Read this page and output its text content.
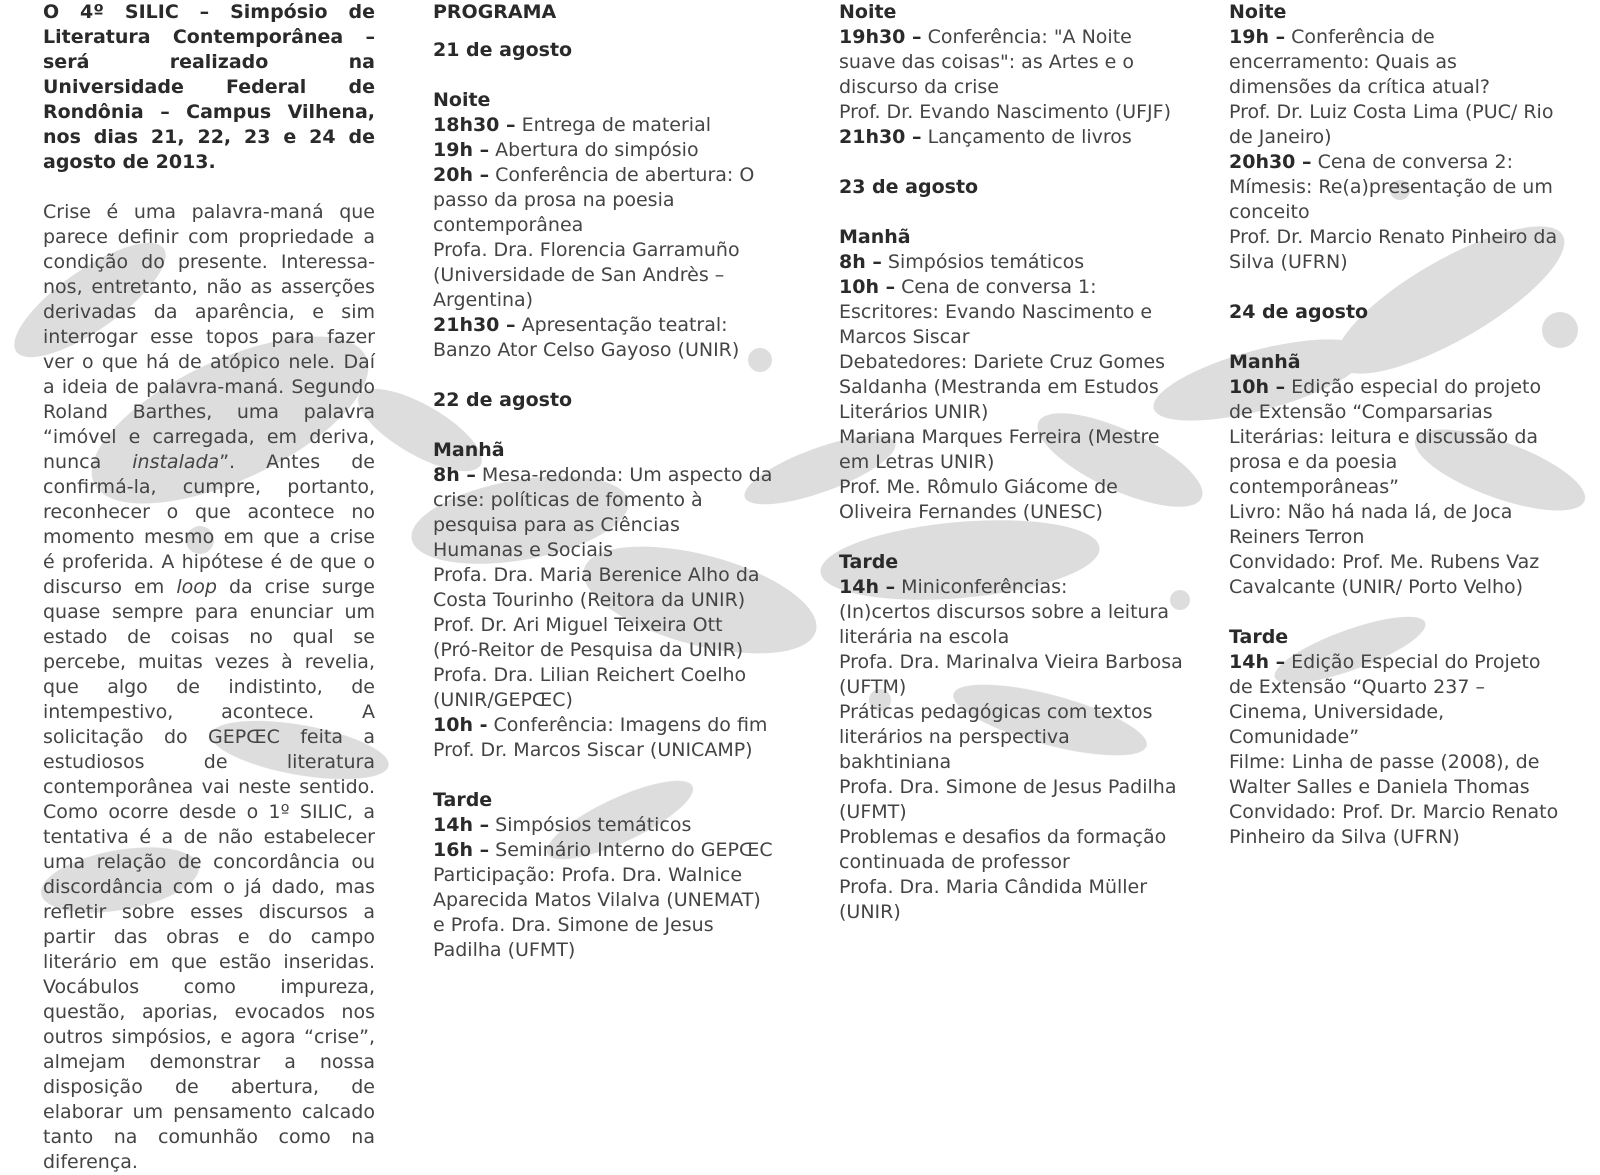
O 4º SILIC – Simpósio de Literatura Contemporânea – será realizado na Universidade Federal de Rondônia – Campus Vilhena, nos dias 21, 22, 23 e 24 de agosto de 2013.

Crise é uma palavra-maná que parece definir com propriedade a condição do presente. Interessa-nos, entretanto, não as asserções derivadas da aparência, e sim interrogar esse topos para fazer ver o que há de atópico nele. Daí a ideia de palavra-maná. Segundo Roland Barthes, uma palavra “imóvel e carregada, em deriva, nunca instalada”. Antes de confirmá-la, cumpre, portanto, reconhecer o que acontece no momento mesmo em que a crise é proferida. A hipótese é de que o discurso em loop da crise surge quase sempre para enunciar um estado de coisas no qual se percebe, muitas vezes à revelia, que algo de indistinto, de intempestivo, acontece. A solicitação do GEPŒC feita a estudiosos de literatura contemporânea vai neste sentido. Como ocorre desde o 1º SILIC, a tentativa é a de não estabelecer uma relação de concordância ou discordância com o já dado, mas refletir sobre esses discursos a partir das obras e do campo literário em que estão inseridas. Vocábulos como impureza, questão, aporias, evocados nos outros simpósios, e agora “crise”, almejam demonstrar a nossa disposição de abertura, de elaborar um pensamento calcado tanto na comunhão como na diferença.

PROGRAMA

21 de agosto

Noite

18h30 – Entrega de material

19h – Abertura do simpósio

20h – Conferência de abertura: O passo da prosa na poesia contemporânea

Profa. Dra. Florencia Garramuño (Universidade de San Andrès – Argentina)

21h30 – Apresentação teatral: Banzo Ator Celso Gayoso (UNIR)

22 de agosto

Manhã

8h – Mesa-redonda: Um aspecto da crise: políticas de fomento à pesquisa para as Ciências Humanas e Sociais

Profa. Dra. Maria Berenice Alho da Costa Tourinho (Reitora da UNIR)

Prof. Dr. Ari Miguel Teixeira Ott (Pró-Reitor de Pesquisa da UNIR)

Profa. Dra. Lilian Reichert Coelho (UNIR/GEPŒC)

10h - Conferência: Imagens do fim

Prof. Dr. Marcos Siscar (UNICAMP)

Tarde

14h – Simpósios temáticos

16h – Seminário Interno do GEPŒC

Participação: Profa. Dra. Walnice Aparecida Matos Vilalva (UNEMAT) e Profa. Dra. Simone de Jesus Padilha (UFMT)

Noite

19h30 – Conferência: "A Noite suave das coisas": as Artes e o discurso da crise

Prof. Dr. Evando Nascimento (UFJF)

21h30 – Lançamento de livros

23 de agosto

Manhã

8h – Simpósios temáticos

10h – Cena de conversa 1:

Escritores: Evando Nascimento e Marcos Siscar

Debatedores: Dariete Cruz Gomes Saldanha (Mestranda em Estudos Literários UNIR)

Mariana Marques Ferreira (Mestre em Letras UNIR)

Prof. Me. Rômulo Giácome de Oliveira Fernandes (UNESC)

Tarde

14h – Miniconferências:

(In)certos discursos sobre a leitura literária na escola

Profa. Dra. Marinalva Vieira Barbosa (UFTM)

Práticas pedagógicas com textos literários na perspectiva bakhtiniana

Profa. Dra. Simone de Jesus Padilha (UFMT)

Problemas e desafios da formação continuada de professor

Profa. Dra. Maria Cândida Müller (UNIR)

Noite

19h – Conferência de encerramento: Quais as dimensões da crítica atual?

Prof. Dr. Luiz Costa Lima (PUC/ Rio de Janeiro)

20h30 – Cena de conversa 2: Mímesis: Re(a)presentação de um conceito

Prof. Dr. Marcio Renato Pinheiro da Silva (UFRN)

24 de agosto

Manhã

10h – Edição especial do projeto de Extensão “Comparsarias Literárias: leitura e discussão da prosa e da poesia contemporâneas”

Livro: Não há nada lá, de Joca Reiners Terron

Convidado: Prof. Me. Rubens Vaz Cavalcante (UNIR/ Porto Velho)

Tarde

14h – Edição Especial do Projeto de Extensão “Quarto 237 – Cinema, Universidade, Comunidade”

Filme: Linha de passe (2008), de Walter Salles e Daniela Thomas

Convidado: Prof. Dr. Marcio Renato Pinheiro da Silva (UFRN)
